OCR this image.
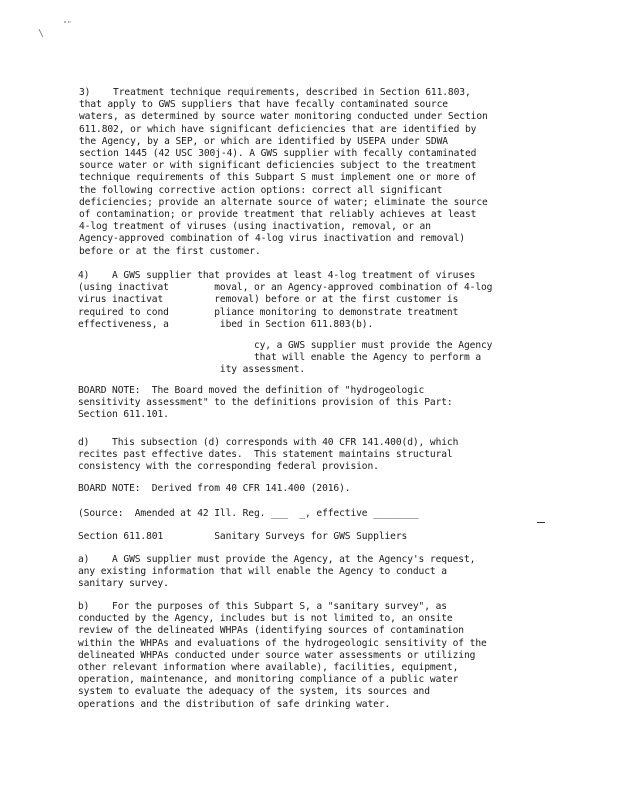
\
""
3)    Treatment technique requirements, described in Section 611.803,
that apply to GWS suppliers that have fecally contaminated source
waters, as determined by source water monitoring conducted under Section
611.802, or which have significant deficiencies that are identified by
the Agency, by a SEP, or which are identified by USEPA under SDWA
section 1445 (42 USC 300j-4). A GWS supplier with fecally contaminated
source water or with significant deficiencies subject to the treatment
technique requirements of this Subpart S must implement one or more of
the following corrective action options: correct all significant
deficiencies; provide an alternate source of water; eliminate the source
of contamination; or provide treatment that reliably achieves at least
4-log treatment of viruses (using inactivation, removal, or an
Agency-approved combination of 4-log virus inactivation and removal)
before or at the first customer.
4)    A GWS supplier that provides at least 4-log treatment of viruses
(using inactivat        moval, or an Agency-approved combination of 4-log
virus inactivat         removal) before or at the first customer is
required to cond        pliance monitoring to demonstrate treatment
effectiveness, a         ibed in Section 611.803(b).
cy, a GWS supplier must provide the Agency
that will enable the Agency to perform a
ity assessment.
BOARD NOTE:  The Board moved the definition of "hydrogeologic
sensitivity assessment" to the definitions provision of this Part:
Section 611.101.
d)    This subsection (d) corresponds with 40 CFR 141.400(d), which
recites past effective dates.  This statement maintains structural
consistency with the corresponding federal provision.
BOARD NOTE:  Derived from 40 CFR 141.400 (2016).
(Source:  Amended at 42 Ill. Reg. ___  _, effective ________
Section 611.801         Sanitary Surveys for GWS Suppliers
a)    A GWS supplier must provide the Agency, at the Agency's request,
any existing information that will enable the Agency to conduct a
sanitary survey.
b)    For the purposes of this Subpart S, a "sanitary survey", as
conducted by the Agency, includes but is not limited to, an onsite
review of the delineated WHPAs (identifying sources of contamination
within the WHPAs and evaluations of the hydrogeologic sensitivity of the
delineated WHPAs conducted under source water assessments or utilizing
other relevant information where available), facilities, equipment,
operation, maintenance, and monitoring compliance of a public water
system to evaluate the adequacy of the system, its sources and
operations and the distribution of safe drinking water.
